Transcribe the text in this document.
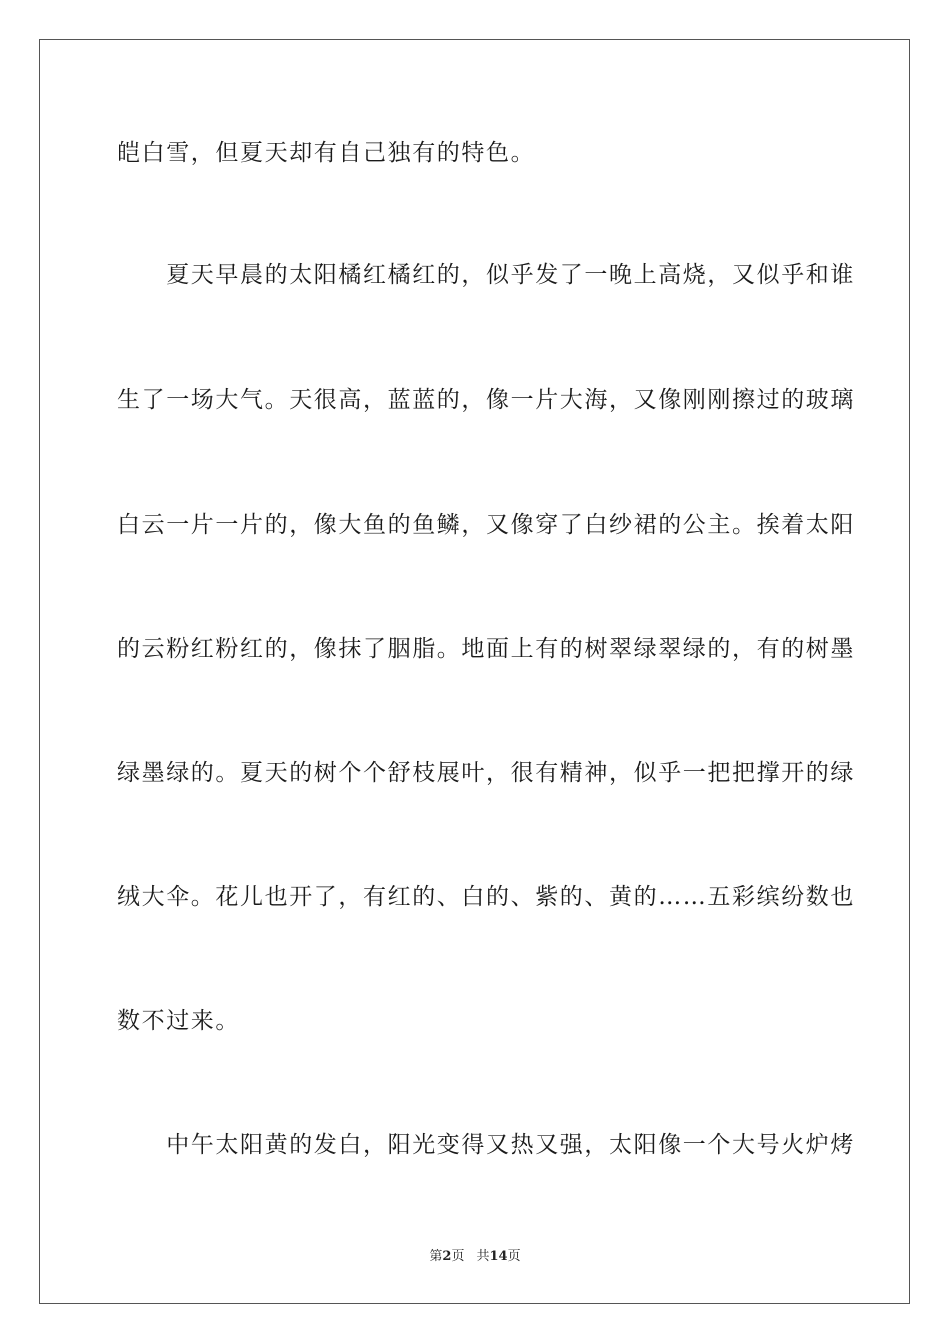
皑白雪，但夏天却有自己独有的特色。
　　夏天早晨的太阳橘红橘红的，似乎发了一晚上高烧，又似乎和谁
生了一场大气。天很高，蓝蓝的，像一片大海，又像刚刚擦过的玻璃
白云一片一片的，像大鱼的鱼鳞，又像穿了白纱裙的公主。挨着太阳
的云粉红粉红的，像抹了胭脂。地面上有的树翠绿翠绿的，有的树墨
绿墨绿的。夏天的树个个舒枝展叶，很有精神，似乎一把把撑开的绿
绒大伞。花儿也开了，有红的、白的、紫的、黄的……五彩缤纷数也
数不过来。
　　中午太阳黄的发白，阳光变得又热又强，太阳像一个大号火炉烤
第2页 共14页
